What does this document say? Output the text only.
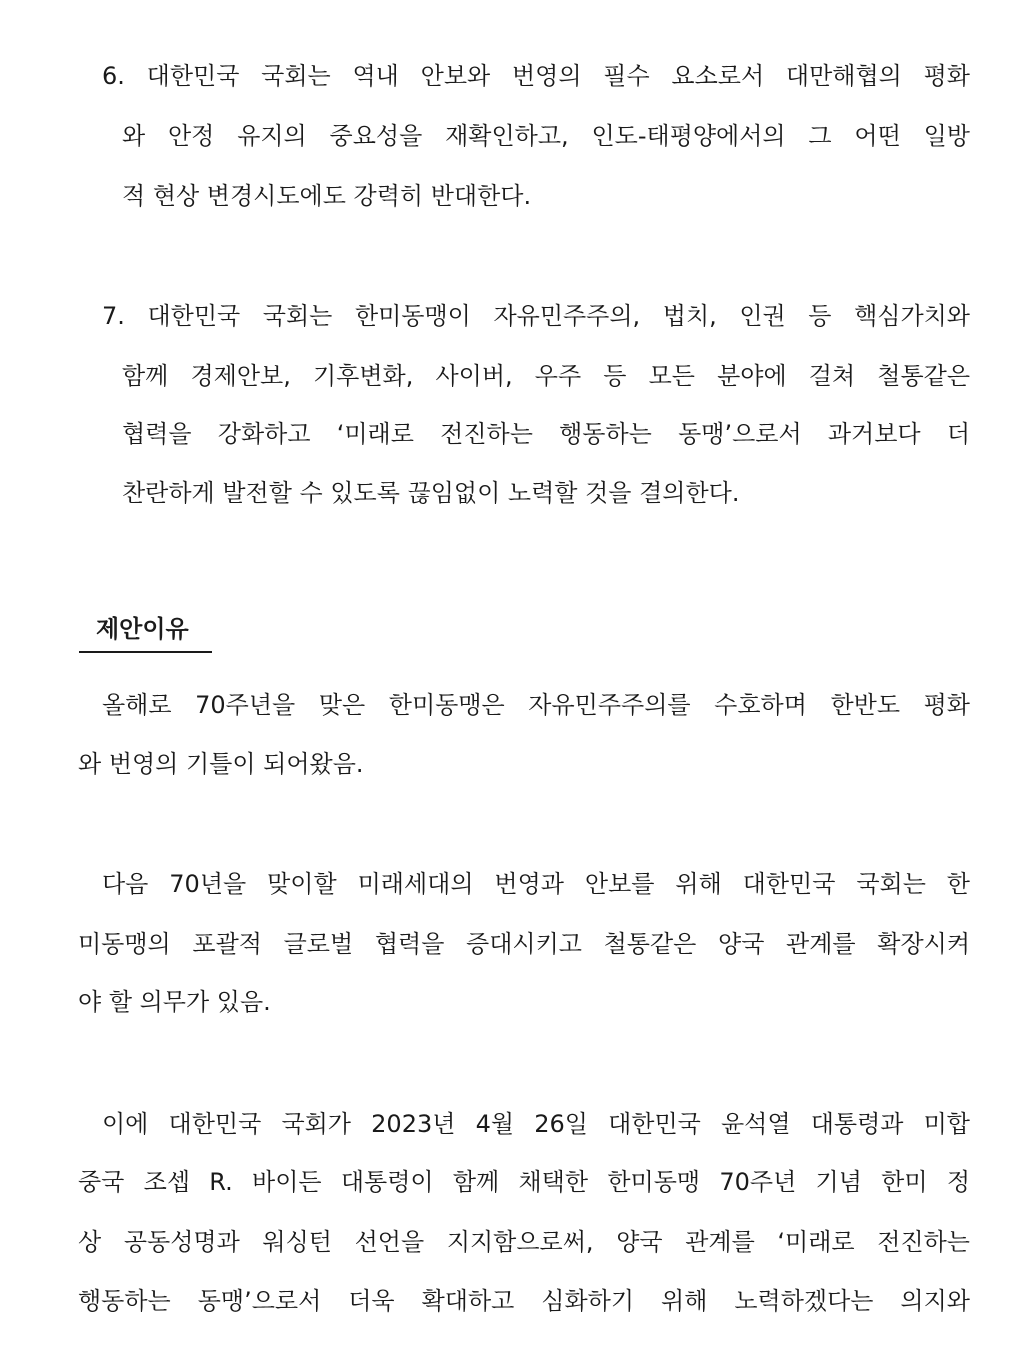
6. 대한민국 국회는 역내 안보와 번영의 필수 요소로서 대만해협의 평화
와 안정 유지의 중요성을 재확인하고, 인도-태평양에서의 그 어떤 일방
적 현상 변경시도에도 강력히 반대한다.
7. 대한민국 국회는 한미동맹이 자유민주주의, 법치, 인권 등 핵심가치와
함께 경제안보, 기후변화, 사이버, 우주 등 모든 분야에 걸쳐 철통같은
협력을 강화하고 ‘미래로 전진하는 행동하는 동맹’으로서 과거보다 더
찬란하게 발전할 수 있도록 끊임없이 노력할 것을 결의한다.
제안이유
올해로 70주년을 맞은 한미동맹은 자유민주주의를 수호하며 한반도 평화
와 번영의 기틀이 되어왔음.
다음 70년을 맞이할 미래세대의 번영과 안보를 위해 대한민국 국회는 한
미동맹의 포괄적 글로벌 협력을 증대시키고 철통같은 양국 관계를 확장시켜
야 할 의무가 있음.
이에 대한민국 국회가 2023년 4월 26일 대한민국 윤석열 대통령과 미합
중국 조셉 R. 바이든 대통령이 함께 채택한 한미동맹 70주년 기념 한미 정
상 공동성명과 워싱턴 선언을 지지함으로써, 양국 관계를 ‘미래로 전진하는
행동하는 동맹’으로서 더욱 확대하고 심화하기 위해 노력하겠다는 의지와
